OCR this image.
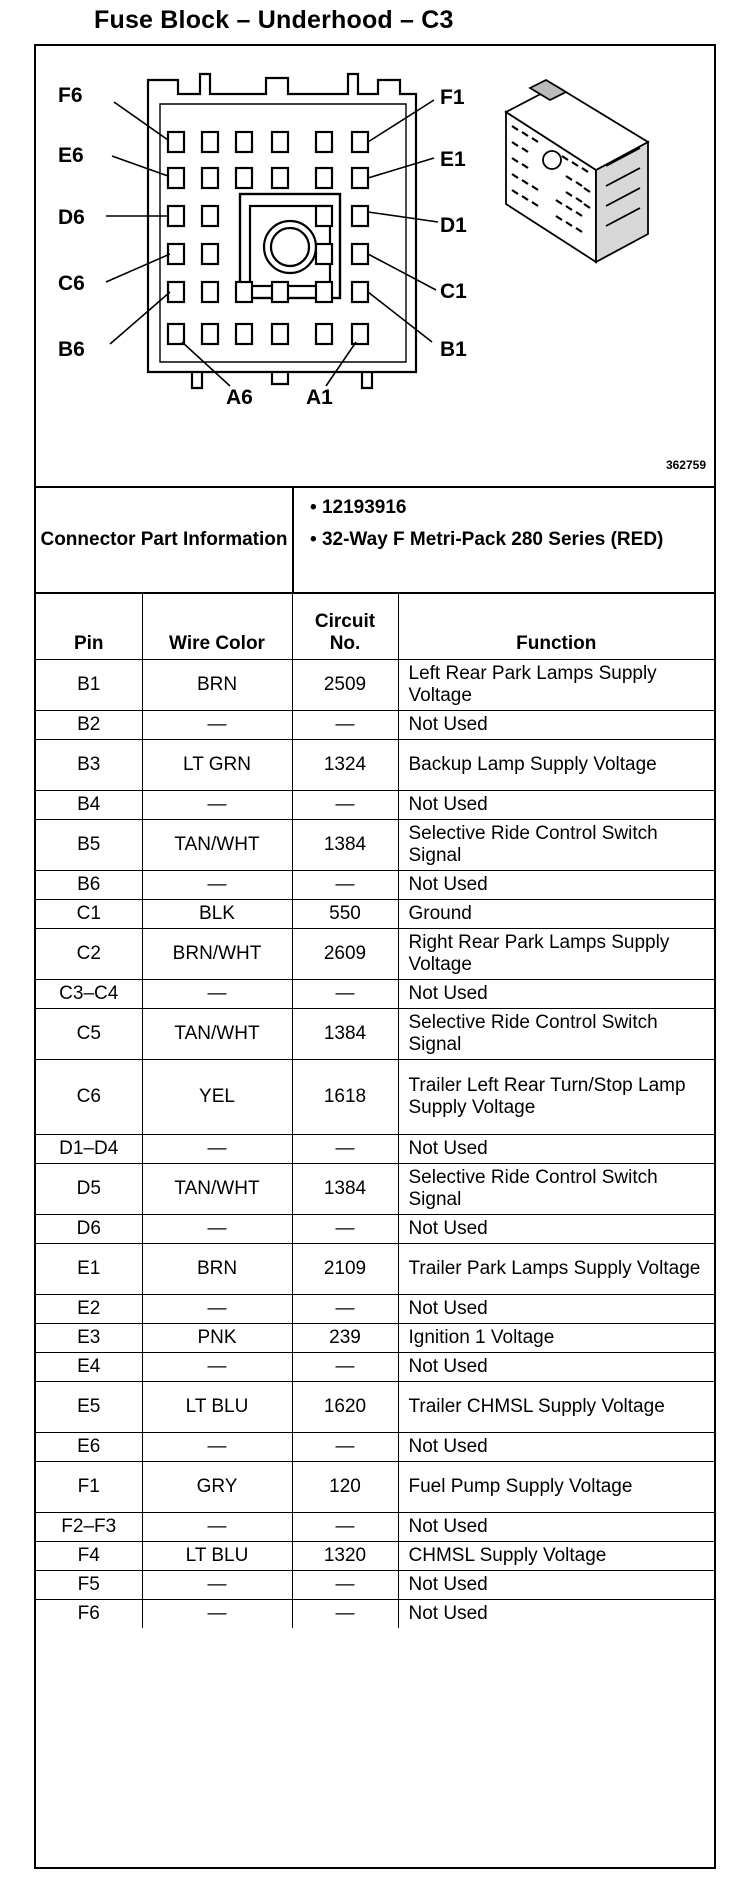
Fuse Block – Underhood – C3
F6
E6
D6
C6
B6
A6
F1
E1
D1
C1
B1
A1
362759
Connector Part Information
• 12193916
• 32-Way F Metri-Pack 280 Series (RED)
Pin	Wire Color	Circuit No.	Function
B1	BRN	2509	Left Rear Park Lamps Supply Voltage
B2	—	—	Not Used
B3	LT GRN	1324	Backup Lamp Supply Voltage
B4	—	—	Not Used
B5	TAN/WHT	1384	Selective Ride Control Switch Signal
B6	—	—	Not Used
C1	BLK	550	Ground
C2	BRN/WHT	2609	Right Rear Park Lamps Supply Voltage
C3–C4	—	—	Not Used
C5	TAN/WHT	1384	Selective Ride Control Switch Signal
C6	YEL	1618	Trailer Left Rear Turn/Stop Lamp Supply Voltage
D1–D4	—	—	Not Used
D5	TAN/WHT	1384	Selective Ride Control Switch Signal
D6	—	—	Not Used
E1	BRN	2109	Trailer Park Lamps Supply Voltage
E2	—	—	Not Used
E3	PNK	239	Ignition 1 Voltage
E4	—	—	Not Used
E5	LT BLU	1620	Trailer CHMSL Supply Voltage
E6	—	—	Not Used
F1	GRY	120	Fuel Pump Supply Voltage
F2–F3	—	—	Not Used
F4	LT BLU	1320	CHMSL Supply Voltage
F5	—	—	Not Used
F6	—	—	Not Used
